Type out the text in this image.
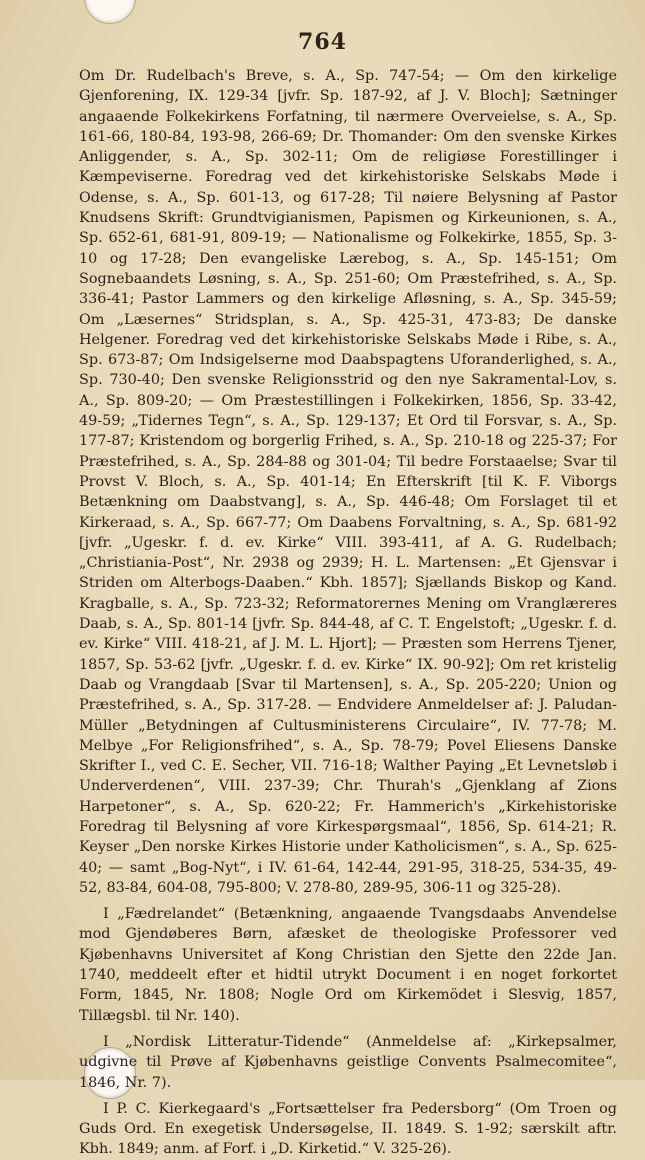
764

Om Dr. Rudelbach's Breve, s. A., Sp. 747-54; — Om den kirkelige Gjenforening, IX. 129-34 [jvfr. Sp. 187-92, af J. V. Bloch]; Sætninger angaaende Folkekirkens Forfatning, til nærmere Overveielse, s. A., Sp. 161-66, 180-84, 193-98, 266-69; Dr. Thomander: Om den svenske Kirkes Anliggender, s. A., Sp. 302-11; Om de religiøse Forestillinger i Kæmpeviserne. Foredrag ved det kirkehistoriske Selskabs Møde i Odense, s. A., Sp. 601-13, og 617-28; Til nøiere Belysning af Pastor Knudsens Skrift: Grundtvigianismen, Papismen og Kirkeunionen, s. A., Sp. 652-61, 681-91, 809-19; — Nationalisme og Folkekirke, 1855, Sp. 3-10 og 17-28; Den evangeliske Lærebog, s. A., Sp. 145-151; Om Sognebaandets Løsning, s. A., Sp. 251-60; Om Præstefrihed, s. A., Sp. 336-41; Pastor Lammers og den kirkelige Afløsning, s. A., Sp. 345-59; Om „Læsernes“ Stridsplan, s. A., Sp. 425-31, 473-83; De danske Helgener. Foredrag ved det kirkehistoriske Selskabs Møde i Ribe, s. A., Sp. 673-87; Om Indsigelserne mod Daabspagtens Uforanderlighed, s. A., Sp. 730-40; Den svenske Religionsstrid og den nye Sakramental-Lov, s. A., Sp. 809-20; — Om Præstestillingen i Folkekirken, 1856, Sp. 33-42, 49-59; „Tidernes Tegn“, s. A., Sp. 129-137; Et Ord til Forsvar, s. A., Sp. 177-87; Kristendom og borgerlig Frihed, s. A., Sp. 210-18 og 225-37; For Præstefrihed, s. A., Sp. 284-88 og 301-04; Til bedre Forstaaelse; Svar til Provst V. Bloch, s. A., Sp. 401-14; En Efterskrift [til K. F. Viborgs Betænkning om Daabstvang], s. A., Sp. 446-48; Om Forslaget til et Kirkeraad, s. A., Sp. 667-77; Om Daabens Forvaltning, s. A., Sp. 681-92 [jvfr. „Ugeskr. f. d. ev. Kirke“ VIII. 393-411, af A. G. Rudelbach; „Christiania-Post“, Nr. 2938 og 2939; H. L. Martensen: „Et Gjensvar i Striden om Alterbogs-Daaben.“ Kbh. 1857]; Sjællands Biskop og Kand. Kragballe, s. A., Sp. 723-32; Reformatorernes Mening om Vranglæreres Daab, s. A., Sp. 801-14 [jvfr. Sp. 844-48, af C. T. Engelstoft; „Ugeskr. f. d. ev. Kirke“ VIII. 418-21, af J. M. L. Hjort]; — Præsten som Herrens Tjener, 1857, Sp. 53-62 [jvfr. „Ugeskr. f. d. ev. Kirke“ IX. 90-92]; Om ret kristelig Daab og Vrangdaab [Svar til Martensen], s. A., Sp. 205-220; Union og Præstefrihed, s. A., Sp. 317-28. — Endvidere Anmeldelser af: J. Paludan-Müller „Betydningen af Cultusministerens Circulaire“, IV. 77-78; M. Melbye „For Religionsfrihed“, s. A., Sp. 78-79; Povel Eliesens Danske Skrifter I., ved C. E. Secher, VII. 716-18; Walther Paying „Et Levnetsløb i Underverdenen“, VIII. 237-39; Chr. Thurah's „Gjenklang af Zions Harpetoner“, s. A., Sp. 620-22; Fr. Hammerich's „Kirkehistoriske Foredrag til Belysning af vore Kirkespørgsmaal“, 1856, Sp. 614-21; R. Keyser „Den norske Kirkes Historie under Katholicismen“, s. A., Sp. 625-40; — samt „Bog-Nyt“, i IV. 61-64, 142-44, 291-95, 318-25, 534-35, 49-52, 83-84, 604-08, 795-800; V. 278-80, 289-95, 306-11 og 325-28).

I „Fædrelandet“ (Betænkning, angaaende Tvangsdaabs Anvendelse mod Gjendøberes Børn, afæsket de theologiske Professorer ved Kjøbenhavns Universitet af Kong Christian den Sjette den 22de Jan. 1740, meddeelt efter et hidtil utrykt Document i en noget forkortet Form, 1845, Nr. 1808; Nogle Ord om Kirkemödet i Slesvig, 1857, Tillægsbl. til Nr. 140).

I „Nordisk Litteratur-Tidende“ (Anmeldelse af: „Kirkepsalmer, udgivne til Prøve af Kjøbenhavns geistlige Convents Psalmecomitee“, 1846, Nr. 7).

I P. C. Kierkegaard's „Fortsættelser fra Pedersborg“ (Om Troen og Guds Ord. En exegetisk Undersøgelse, II. 1849. S. 1-92; særskilt aftr. Kbh. 1849; anm. af Forf. i „D. Kirketid.“ V. 325-26).
